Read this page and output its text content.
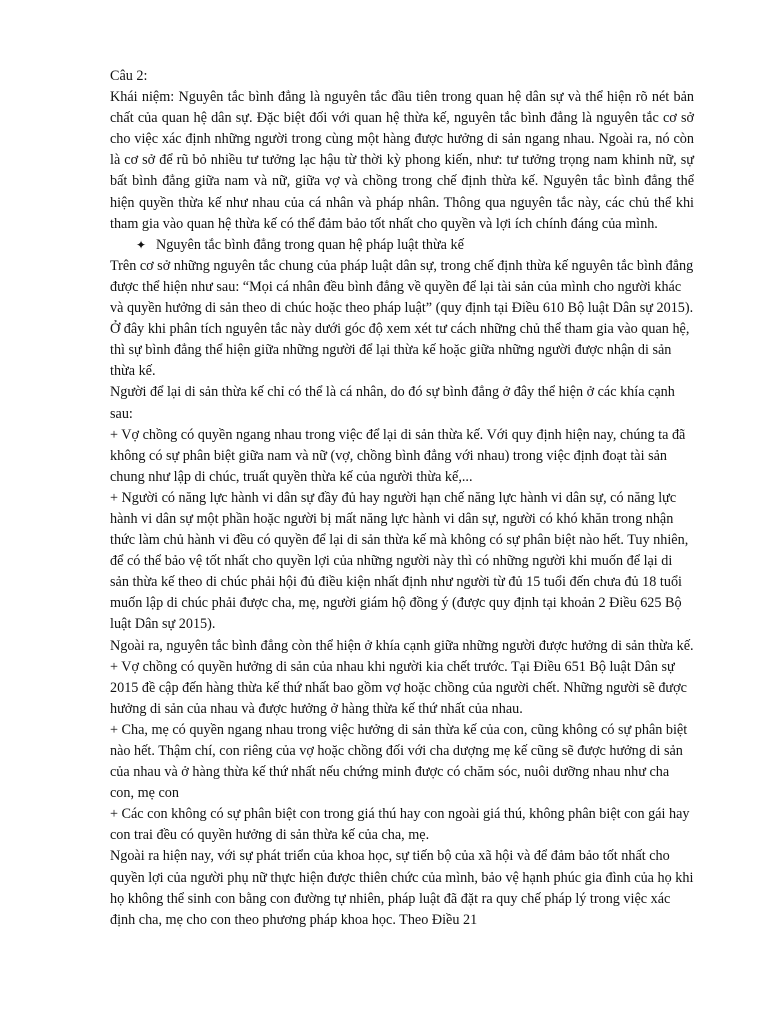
Câu 2:

Khái niệm: Nguyên tắc bình đẳng là nguyên tắc đầu tiên trong quan hệ dân sự và thể hiện rõ nét bản chất của quan hệ dân sự. Đặc biệt đối với quan hệ thừa kế, nguyên tắc bình đẳng là nguyên tắc cơ sở cho việc xác định những người trong cùng một hàng được hưởng di sản ngang nhau. Ngoài ra, nó còn là cơ sở để rũ bỏ nhiều tư tưởng lạc hậu từ thời kỳ phong kiến, như: tư tưởng trọng nam khinh nữ, sự bất bình đẳng giữa nam và nữ, giữa vợ và chồng trong chế định thừa kế. Nguyên tắc bình đẳng thể hiện quyền thừa kế như nhau của cá nhân và pháp nhân. Thông qua nguyên tắc này, các chủ thể khi tham gia vào quan hệ thừa kế có thể đảm bảo tốt nhất cho quyền và lợi ích chính đáng của mình.

✦ Nguyên tắc bình đẳng trong quan hệ pháp luật thừa kế

Trên cơ sở những nguyên tắc chung của pháp luật dân sự, trong chế định thừa kế nguyên tắc bình đẳng được thể hiện như sau: “Mọi cá nhân đều bình đẳng về quyền để lại tài sản của mình cho người khác và quyền hưởng di sản theo di chúc hoặc theo pháp luật” (quy định tại Điều 610 Bộ luật Dân sự 2015). Ở đây khi phân tích nguyên tắc này dưới góc độ xem xét tư cách những chủ thể tham gia vào quan hệ, thì sự bình đẳng thể hiện giữa những người để lại thừa kế hoặc giữa những người được nhận di sản thừa kế.

Người để lại di sản thừa kế chỉ có thể là cá nhân, do đó sự bình đẳng ở đây thể hiện ở các khía cạnh sau:

+ Vợ chồng có quyền ngang nhau trong việc để lại di sản thừa kế. Với quy định hiện nay, chúng ta đã không có sự phân biệt giữa nam và nữ (vợ, chồng bình đẳng với nhau) trong việc định đoạt tài sản chung như lập di chúc, truất quyền thừa kế của người thừa kế,...

+ Người có năng lực hành vi dân sự đầy đủ hay người hạn chế năng lực hành vi dân sự, có năng lực hành vi dân sự một phần hoặc người bị mất năng lực hành vi dân sự, người có khó khăn trong nhận thức làm chủ hành vi đều có quyền để lại di sản thừa kế mà không có sự phân biệt nào hết. Tuy nhiên, để có thể bảo vệ tốt nhất cho quyền lợi của những người này thì có những người khi muốn để lại di sản thừa kế theo di chúc phải hội đủ điều kiện nhất định như người từ đủ 15 tuổi đến chưa đủ 18 tuổi muốn lập di chúc phải được cha, mẹ, người giám hộ đồng ý (được quy định tại khoản 2 Điều 625 Bộ luật Dân sự 2015).

Ngoài ra, nguyên tắc bình đẳng còn thể hiện ở khía cạnh giữa những người được hưởng di sản thừa kế.

+ Vợ chồng có quyền hưởng di sản của nhau khi người kia chết trước. Tại Điều 651 Bộ luật Dân sự 2015 đề cập đến hàng thừa kế thứ nhất bao gồm vợ hoặc chồng của người chết. Những người sẽ được hưởng di sản của nhau và được hưởng ở hàng thừa kế thứ nhất của nhau.

+ Cha, mẹ có quyền ngang nhau trong việc hưởng di sản thừa kế của con, cũng không có sự phân biệt nào hết. Thậm chí, con riêng của vợ hoặc chồng đối với cha dượng mẹ kế cũng sẽ được hưởng di sản của nhau và ở hàng thừa kế thứ nhất nếu chứng minh được có chăm sóc, nuôi dưỡng nhau như cha con, mẹ con

+ Các con không có sự phân biệt con trong giá thú hay con ngoài giá thú, không phân biệt con gái hay con trai đều có quyền hưởng di sản thừa kế của cha, mẹ.

Ngoài ra hiện nay, với sự phát triển của khoa học, sự tiến bộ của xã hội và để đảm bảo tốt nhất cho quyền lợi của người phụ nữ thực hiện được thiên chức của mình, bảo vệ hạnh phúc gia đình của họ khi họ không thể sinh con bằng con đường tự nhiên, pháp luật đã đặt ra quy chế pháp lý trong việc xác định cha, mẹ cho con theo phương pháp khoa học. Theo Điều 21
